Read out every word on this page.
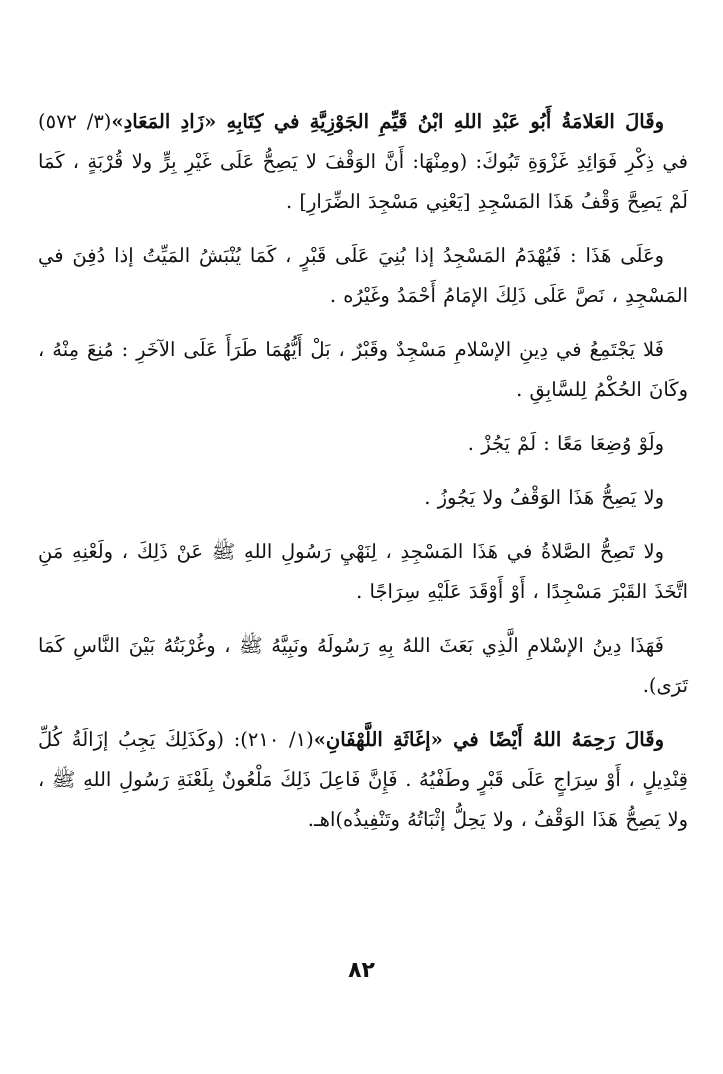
وقَالَ العَلامَةُ أَبُو عَبْدِ اللهِ ابْنُ قَيِّمِ الجَوْزِيَّةِ في كِتَابِهِ «زَادِ المَعَادِ»(٣/ ٥٧٢) في ذِكْرِ فَوَائِدِ غَزْوَةِ تَبُوكَ: (ومِنْهَا: أَنَّ الوَقْفَ لا يَصِحُّ عَلَى غَيْرِ بِرٍّ ولا قُرْبَةٍ ، كَمَا لَمْ يَصِحَّ وَقْفُ هَذَا المَسْجِدِ [يَعْنِي مَسْجِدَ الضِّرَارِ] .

وعَلَى هَذَا : فَيُهْدَمُ المَسْجِدُ إذا بُنِيَ عَلَى قَبْرٍ ، كَمَا يُنْبَشُ المَيِّتُ إذا دُفِنَ في المَسْجِدِ ، نَصَّ عَلَى ذَلِكَ الإمَامُ أَحْمَدُ وغَيْرُه .

فَلا يَجْتَمِعُ في دِينِ الإسْلامِ مَسْجِدٌ وقَبْرٌ ، بَلْ أَيُّهُمَا طَرَأَ عَلَى الآخَرِ : مُنِعَ مِنْهُ ، وكَانَ الحُكْمُ لِلسَّابِقِ .

ولَوْ وُضِعَا مَعًا : لَمْ يَجُزْ .

ولا يَصِحُّ هَذَا الوَقْفُ ولا يَجُوزُ .

ولا تَصِحُّ الصَّلاةُ في هَذَا المَسْجِدِ ، لِنَهْيِ رَسُولِ اللهِ ﷺ عَنْ ذَلِكَ ، ولَعْنِهِ مَنِ اتَّخَذَ القَبْرَ مَسْجِدًا ، أَوْ أَوْقَدَ عَلَيْهِ سِرَاجًا .

فَهَذَا دِينُ الإسْلامِ الَّذِي بَعَثَ اللهُ بِهِ رَسُولَهُ ونَبِيَّهُ ﷺ ، وغُرْبَتُهُ بَيْنَ النَّاسِ كَمَا تَرَى).

وقَالَ رَحِمَهُ اللهُ أَيْضًا في «إغَاثَةِ اللَّهْفَانِ»(١/ ٢١٠): (وكَذَلِكَ يَجِبُ إزَالَةُ كُلِّ قِنْدِيلٍ ، أَوْ سِرَاجٍ عَلَى قَبْرٍ وطَفْيُهُ . فَإِنَّ فَاعِلَ ذَلِكَ مَلْعُونٌ بِلَعْنَةِ رَسُولِ اللهِ ﷺ ، ولا يَصِحُّ هَذَا الوَقْفُ ، ولا يَحِلُّ إثْبَاتُهُ وتَنْفِيذُه)اهـ.

٨٢
